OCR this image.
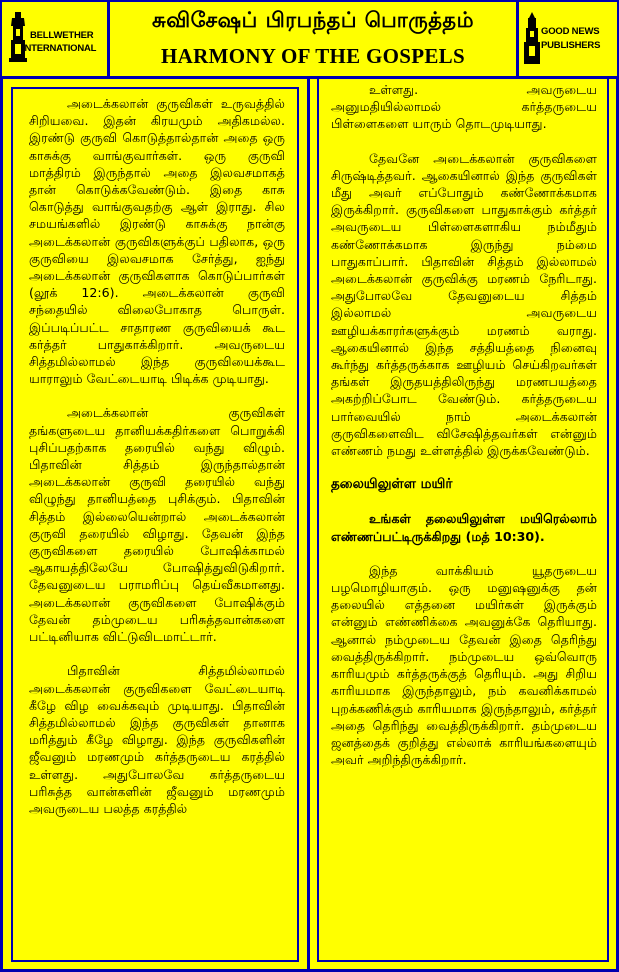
BELLWETHER
INTERNATIONAL
சுவிசேஷப் பிரபந்தப் பொருத்தம்
HARMONY OF THE GOSPELS
GOOD NEWS
PUBLISHERS

அடைக்கலான் குருவிகள் உருவத்தில் சிறியவை. இதன் கிரயமும் அதிகமல்ல. இரண்டு குருவி கொடுத்தால்தான் அதை ஒரு காசுக்கு வாங்குவார்கள். ஒரு குருவி மாத்திரம் இருந்தால் அதை இலவசமாகத் தான் கொடுக்கவேண்டும். இதை காசு கொடுத்து வாங்குவதற்கு ஆள் இராது. சில சமயங்களில் இரண்டு காசுக்கு நான்கு அடைக்கலான் குருவிகளுக்குப் பதிலாக, ஒரு குருவியை இலவசமாக சேர்த்து, ஐந்து அடைக்கலான் குருவிகளாக கொடுப்பார்கள் (லூக் 12:6). அடைக்கலான் குருவி சந்தையில் விலைபோகாத பொருள். இப்படிப்பட்ட சாதாரண குருவியைக் கூட கர்த்தர் பாதுகாக்கிறார். அவருடைய சித்தமில்லாமல் இந்த குருவியைக்கூட யாராலும் வேட்டையாடி பிடிக்க முடியாது.

அடைக்கலான் குருவிகள் தங்களுடைய தானியக்கதிர்களை பொறுக்கி புசிப்பதற்காக தரையில் வந்து விழும். பிதாவின் சித்தம் இருந்தால்தான் அடைக்கலான் குருவி தரையில் வந்து விழுந்து தானியத்தை புசிக்கும். பிதாவின் சித்தம் இல்லையென்றால் அடைக்கலான் குருவி தரையில் விழாது. தேவன் இந்த குருவிகளை தரையில் போஷிக்காமல் ஆகாயத்திலேயே போஷித்துவிடுகிறார். தேவனுடைய பராமரிப்பு தெய்வீகமானது. அடைக்கலான் குருவிகளை போஷிக்கும் தேவன் தம்முடைய பரிசுத்தவான்களை பட்டினியாக விட்டுவிடமாட்டார்.

பிதாவின் சித்தமில்லாமல் அடைக்கலான் குருவிகளை வேட்டையாடி கீழே விழ வைக்கவும் முடியாது. பிதாவின் சித்தமில்லாமல் இந்த குருவிகள் தானாக மரித்தும் கீழே விழாது. இந்த குருவிகளின் ஜீவனும் மரணமும் கர்த்தருடைய கரத்தில் உள்ளது. அதுபோலவே கர்த்தருடைய பரிசுத்த வான்களின் ஜீவனும் மரணமும் அவருடைய பலத்த கரத்தில்

உள்ளது. அவருடைய அனுமதியில்லாமல் கர்த்தருடைய பிள்ளைகளை யாரும் தொடமுடியாது.

தேவனே அடைக்கலான் குருவிகளை சிருஷ்டித்தவர். ஆகையினால் இந்த குருவிகள் மீது அவர் எப்போதும் கண்ணோக்கமாக இருக்கிறார். குருவிகளை பாதுகாக்கும் கர்த்தர் அவருடைய பிள்ளைகளாகிய நம்மீதும் கண்ணோக்கமாக இருந்து நம்மை பாதுகாப்பார். பிதாவின் சித்தம் இல்லாமல் அடைக்கலான் குருவிக்கு மரணம் நேரிடாது. அதுபோலவே தேவனுடைய சித்தம் இல்லாமல் அவருடைய ஊழியக்காரர்களுக்கும் மரணம் வராது. ஆகையினால் இந்த சத்தியத்தை நினைவு கூர்ந்து கர்த்தருக்காக ஊழியம் செய்கிறவர்கள் தங்கள் இருதயத்திலிருந்து மரணபயத்தை அகற்றிப்போட வேண்டும். கர்த்தருடைய பார்வையில் நாம் அடைக்கலான் குருவிகளைவிட விசேஷித்தவர்கள் என்னும் எண்ணம் நமது உள்ளத்தில் இருக்கவேண்டும்.

தலையிலுள்ள மயிர்

உங்கள் தலையிலுள்ள மயிரெல்லாம் எண்ணப்பட்டிருக்கிறது (மத் 10:30).

இந்த வாக்கியம் யூதருடைய பழமொழியாகும். ஒரு மனுஷனுக்கு தன் தலையில் எத்தனை மயிர்கள் இருக்கும் என்னும் எண்ணிக்கை அவனுக்கே தெரியாது. ஆனால் நம்முடைய தேவன் இதை தெரிந்து வைத்திருக்கிறார். நம்முடைய ஒவ்வொரு காரியமும் கர்த்தருக்குத் தெரியும். அது சிறிய காரியமாக இருந்தாலும், நம் கவனிக்காமல் புறக்கணிக்கும் காரியமாக இருந்தாலும், கர்த்தர் அதை தெரிந்து வைத்திருக்கிறார். தம்முடைய ஜனத்தைக் குறித்து எல்லாக் காரியங்களையும் அவர் அறிந்திருக்கிறார்.
